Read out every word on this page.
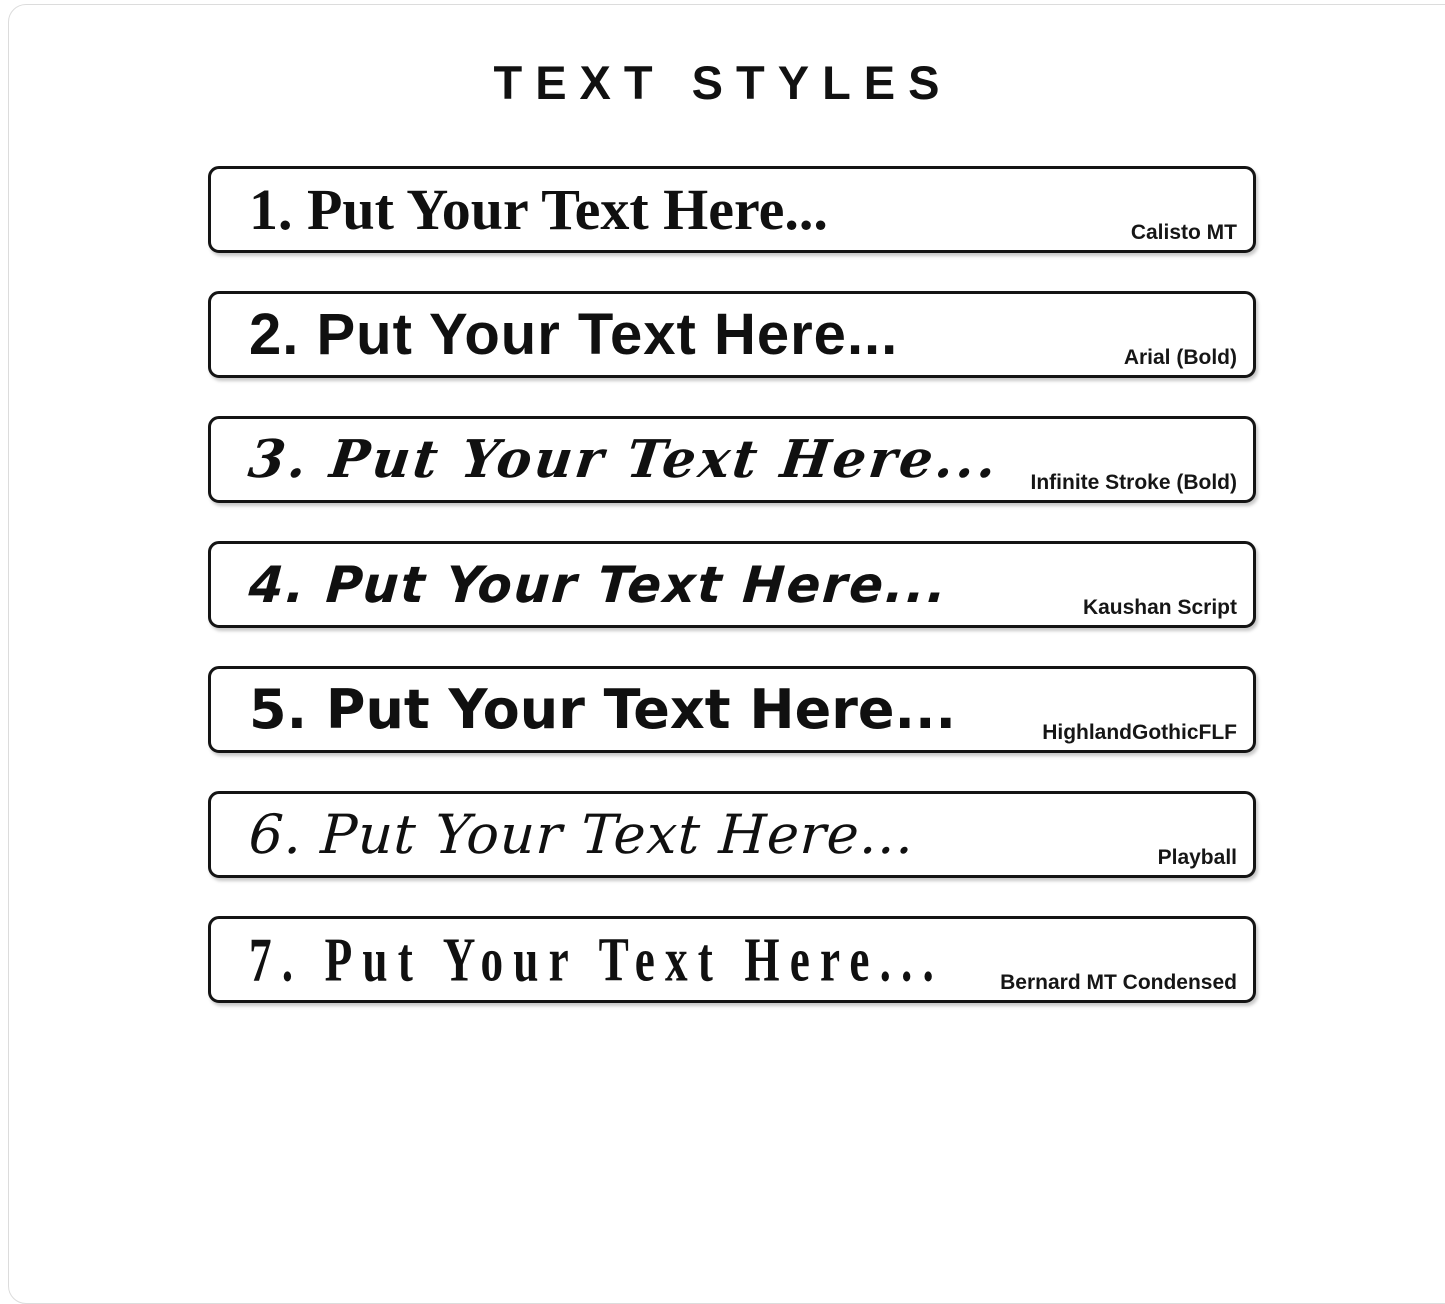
TEXT STYLES
1. Put Your Text Here...	Calisto MT
2. Put Your Text Here...	Arial (Bold)
3. Put Your Text Here... Infinite Stroke (Bold)
4. Put Your Text Here...	Kaushan Script
5. Put Your Text Here...	HighlandGothicFLF
6. Put Your Text Here...	Playball
7. Put Your Text Here...	Bernard MT Condensed
